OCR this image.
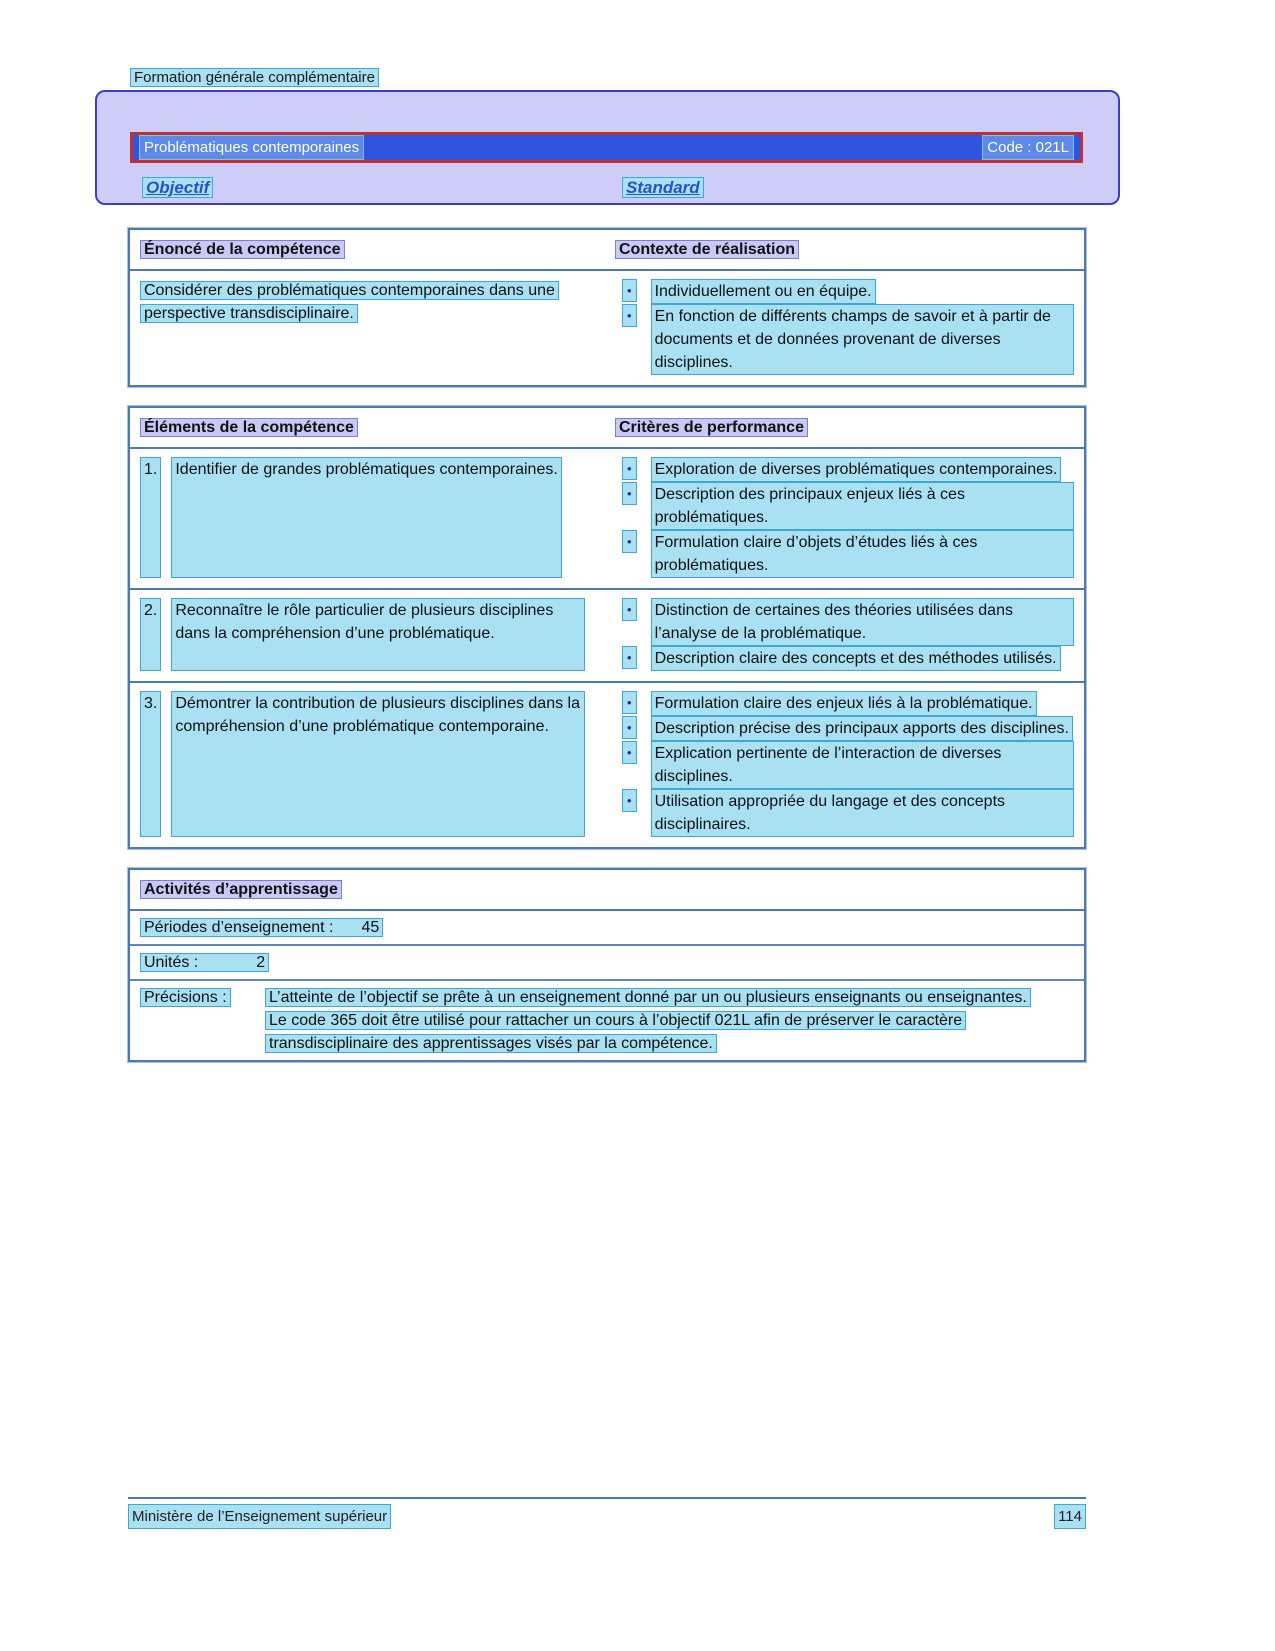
Formation générale complémentaire
Problématiques contemporaines	Code : 021L
Objectif	Standard
Énoncé de la compétence	Contexte de réalisation
Considérer des problématiques contemporaines dans une perspective transdisciplinaire.
•	Individuellement ou en équipe.
•	En fonction de différents champs de savoir et à partir de documents et de données provenant de diverses disciplines.
Éléments de la compétence	Critères de performance
1. Identifier de grandes problématiques contemporaines.	•	Exploration de diverses problématiques contemporaines.
•	Description des principaux enjeux liés à ces problématiques.
•	Formulation claire d’objets d’études liés à ces problématiques.
2. Reconnaître le rôle particulier de plusieurs disciplines dans la compréhension d’une problématique.
•	Distinction de certaines des théories utilisées dans l’analyse de la problématique.
•	Description claire des concepts et des méthodes utilisés.
3. Démontrer la contribution de plusieurs disciplines dans la compréhension d’une problématique contemporaine.
•	Formulation claire des enjeux liés à la problématique.
•	Description précise des principaux apports des disciplines.
•	Explication pertinente de l’interaction de diverses disciplines.
•	Utilisation appropriée du langage et des concepts disciplinaires.
Activités d’apprentissage
Périodes d’enseignement : 45
Unités :	2
Précisions :	L’atteinte de l’objectif se prête à un enseignement donné par un ou plusieurs enseignants ou enseignantes.

Le code 365 doit être utilisé pour rattacher un cours à l’objectif 021L afin de préserver le caractère transdisciplinaire des apprentissages visés par la compétence.

Ministère de l’Enseignement supérieur	114
